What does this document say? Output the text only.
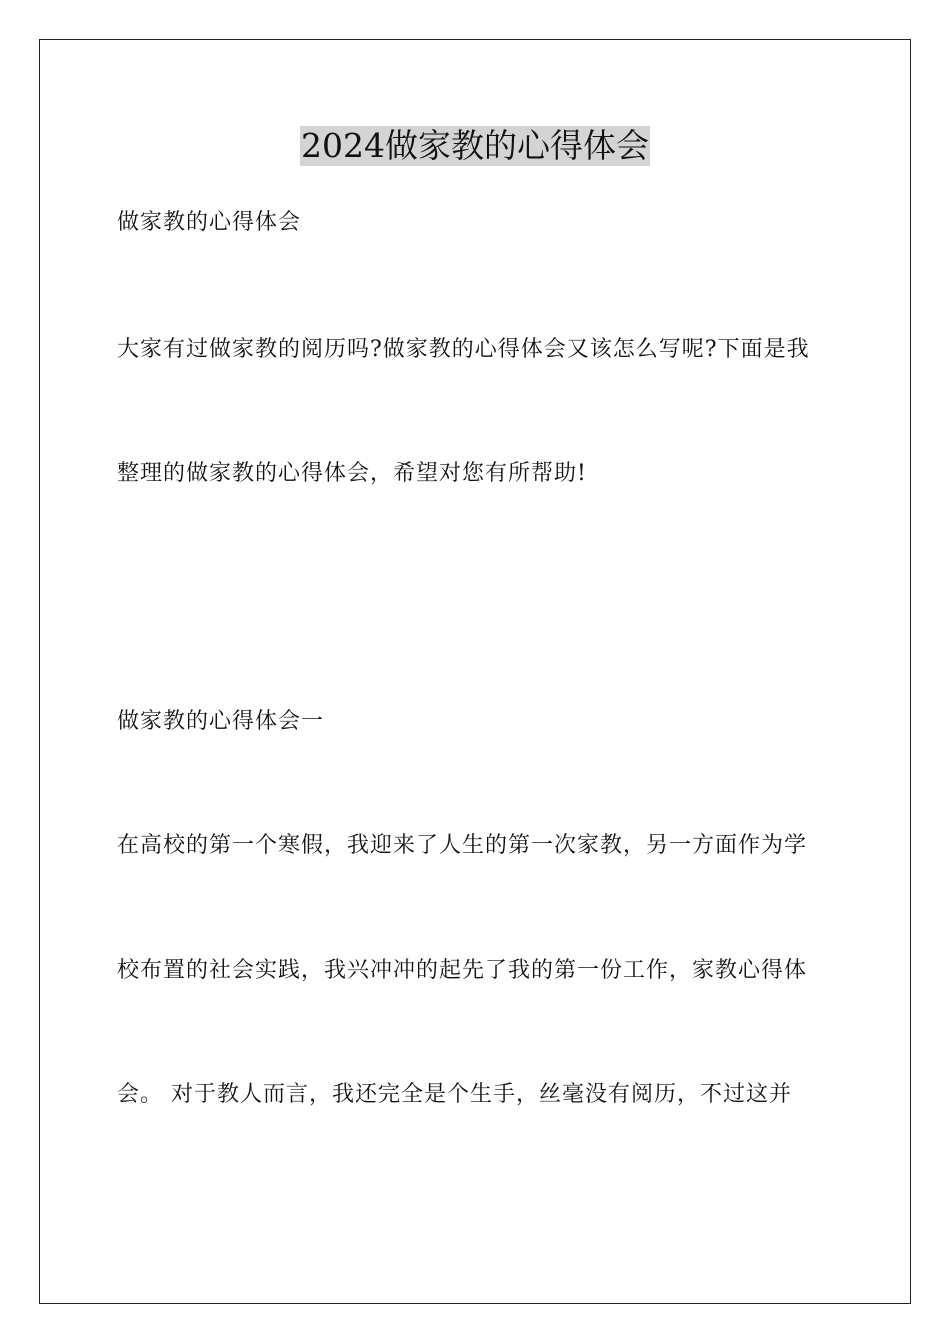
2024做家教的心得体会
做家教的心得体会
大家有过做家教的阅历吗?做家教的心得体会又该怎么写呢?下面是我
整理的做家教的心得体会，希望对您有所帮助!
做家教的心得体会一
在高校的第一个寒假，我迎来了人生的第一次家教，另一方面作为学
校布置的社会实践，我兴冲冲的起先了我的第一份工作，家教心得体
会。 对于教人而言，我还完全是个生手，丝毫没有阅历，不过这并
